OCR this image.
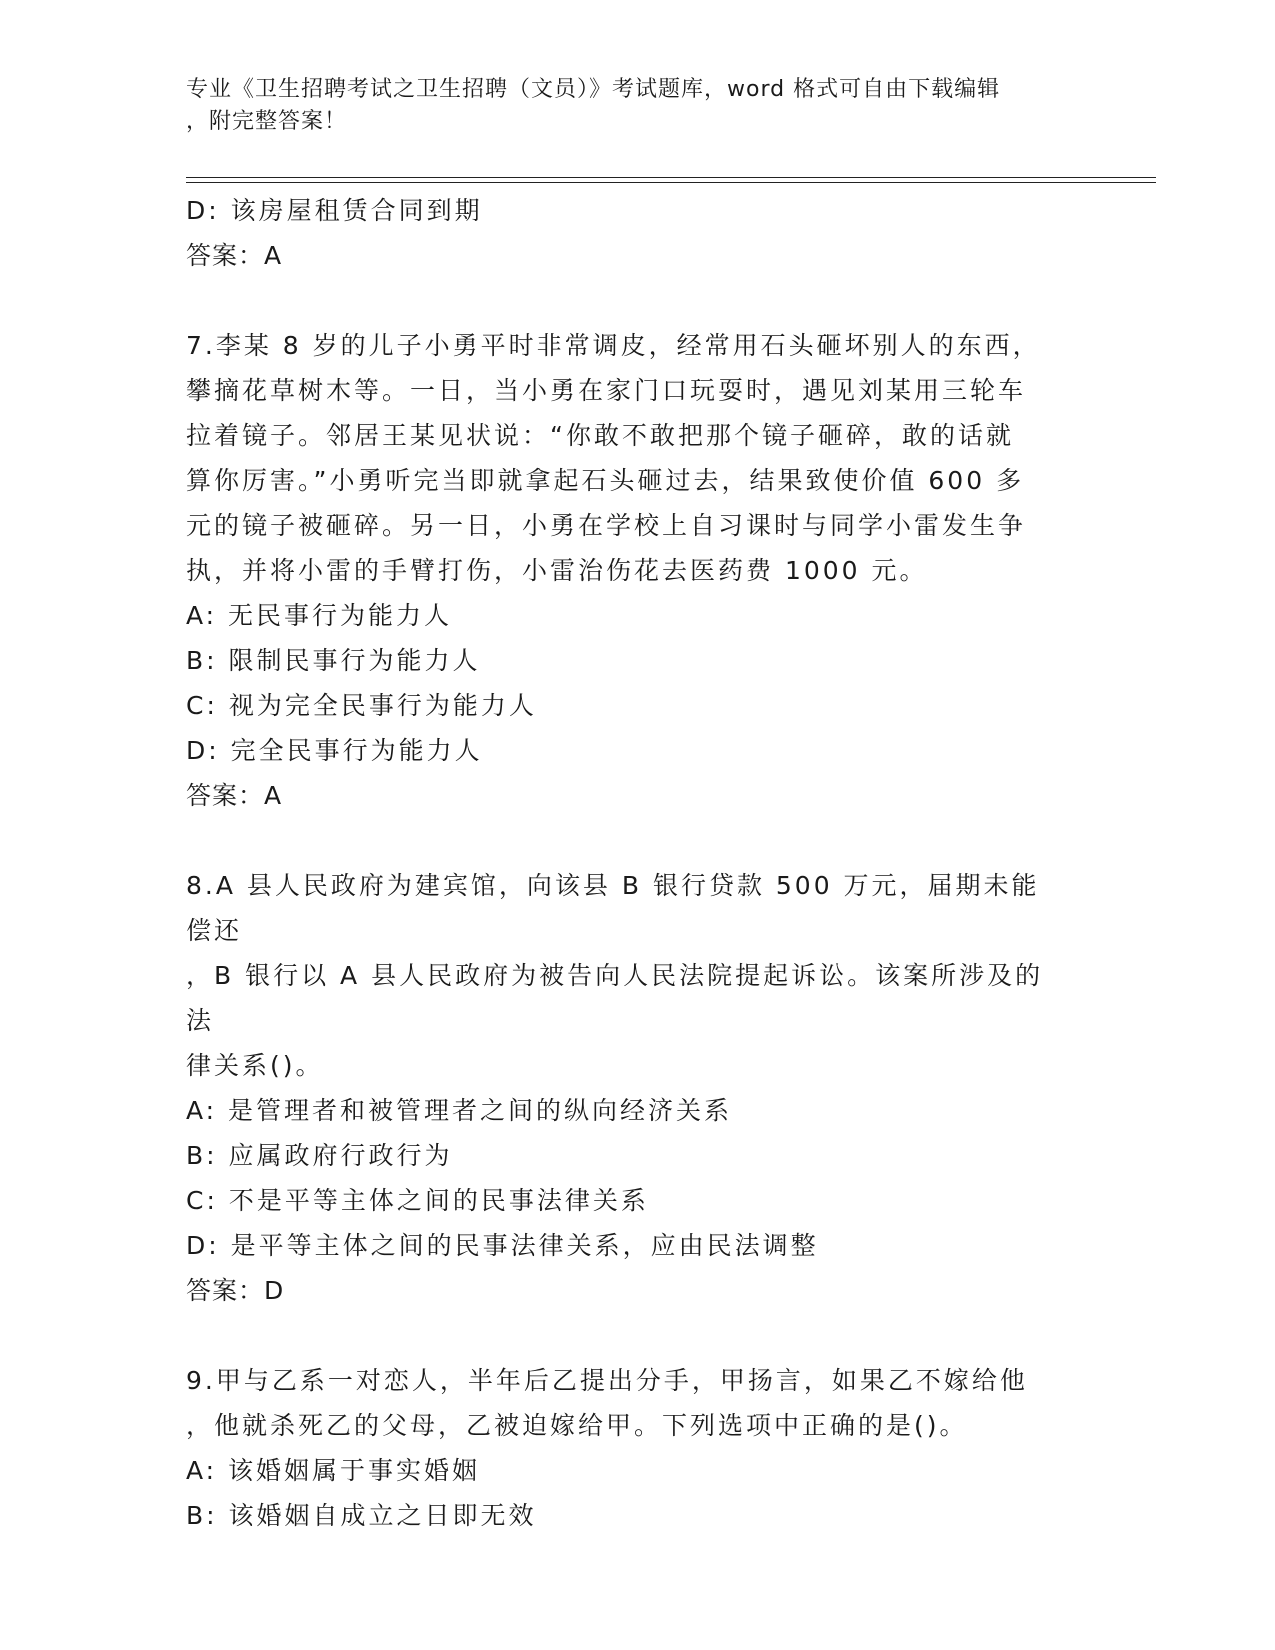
专业《卫生招聘考试之卫生招聘（文员）》考试题库，word 格式可自由下载编辑
，附完整答案！
D: 该房屋租赁合同到期
答案：A
7.李某 8 岁的儿子小勇平时非常调皮，经常用石头砸坏别人的东西，
攀摘花草树木等。一日，当小勇在家门口玩耍时，遇见刘某用三轮车
拉着镜子。邻居王某见状说：“你敢不敢把那个镜子砸碎，敢的话就
算你厉害。”小勇听完当即就拿起石头砸过去，结果致使价值 600 多
元的镜子被砸碎。另一日，小勇在学校上自习课时与同学小雷发生争
执，并将小雷的手臂打伤，小雷治伤花去医药费 1000 元。
A: 无民事行为能力人
B: 限制民事行为能力人
C: 视为完全民事行为能力人
D: 完全民事行为能力人
答案：A
8.A 县人民政府为建宾馆，向该县 B 银行贷款 500 万元，届期未能偿还
，B 银行以 A 县人民政府为被告向人民法院提起诉讼。该案所涉及的法
律关系()。
A: 是管理者和被管理者之间的纵向经济关系
B: 应属政府行政行为
C: 不是平等主体之间的民事法律关系
D: 是平等主体之间的民事法律关系，应由民法调整
答案：D
9.甲与乙系一对恋人，半年后乙提出分手，甲扬言，如果乙不嫁给他
，他就杀死乙的父母，乙被迫嫁给甲。下列选项中正确的是()。
A: 该婚姻属于事实婚姻
B: 该婚姻自成立之日即无效
